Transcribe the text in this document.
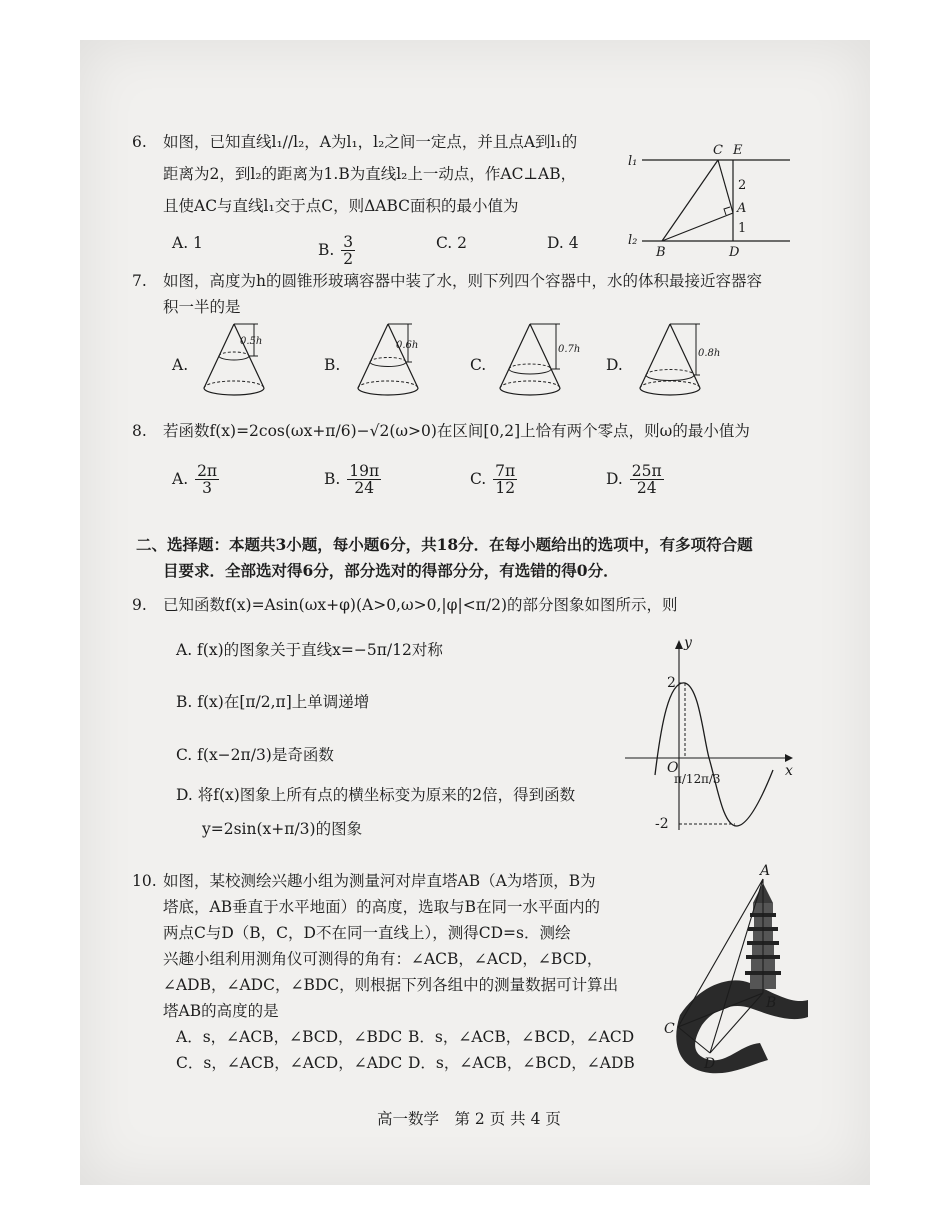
6. 如图，已知直线l₁//l₂，A为l₁，l₂之间一定点，并且点A到l₁的
距离为2，到l₂的距离为1.B为直线l₂上一动点，作AC⊥AB，
且使AC与直线l₁交于点C，则ΔABC面积的最小值为
A. 1	B. $\frac{3}{2}$	C. 2	D. 4
l₁
l₂
C E
A
B	D
2
1
7. 如图，高度为h的圆锥形玻璃容器中装了水，则下列四个容器中，水的体积最接近容器容
积一半的是
A.	B.	C.	D.
0.5h	0.6h	0.7h	0.8h
8. 若函数f(x)=2cos(ωx+π/6)−√2(ω>0)在区间[0,2]上恰有两个零点，则ω的最小值为
A. $\frac{2\pi}{3}$	B. $\frac{19\pi}{24}$	C. $\frac{7\pi}{12}$	D. $\frac{25\pi}{24}$
二、选择题：本题共3小题，每小题6分，共18分．在每小题给出的选项中，有多项符合题
目要求．全部选对得6分，部分选对的得部分分，有选错的得0分．
9. 已知函数f(x)=Asin(ωx+φ)(A>0,ω>0,|φ|<π/2)的部分图象如图所示，则
A. f(x)的图象关于直线x=−5π/12对称
B. f(x)在[π/2,π]上单调递增
C. f(x−2π/3)是奇函数
D. 将f(x)图象上所有点的横坐标变为原来的2倍，得到函数
y=2sin(x+π/3)的图象
y
x
O
2
-2
π/12 π/3
10. 如图，某校测绘兴趣小组为测量河对岸直塔AB（A为塔顶，B为
塔底，AB垂直于水平地面）的高度，选取与B在同一水平面内的
两点C与D（B，C，D不在同一直线上），测得CD=s．测绘
兴趣小组利用测角仪可测得的角有：∠ACB，∠ACD，∠BCD，
∠ADB，∠ADC，∠BDC，则根据下列各组中的测量数据可计算出
塔AB的高度的是
A．s，∠ACB，∠BCD，∠BDC B．s，∠ACB，∠BCD，∠ACD
C．s，∠ACB，∠ACD，∠ADC D．s，∠ACB，∠BCD，∠ADB
A
B
C
D
高一数学　第 2 页 共 4 页
